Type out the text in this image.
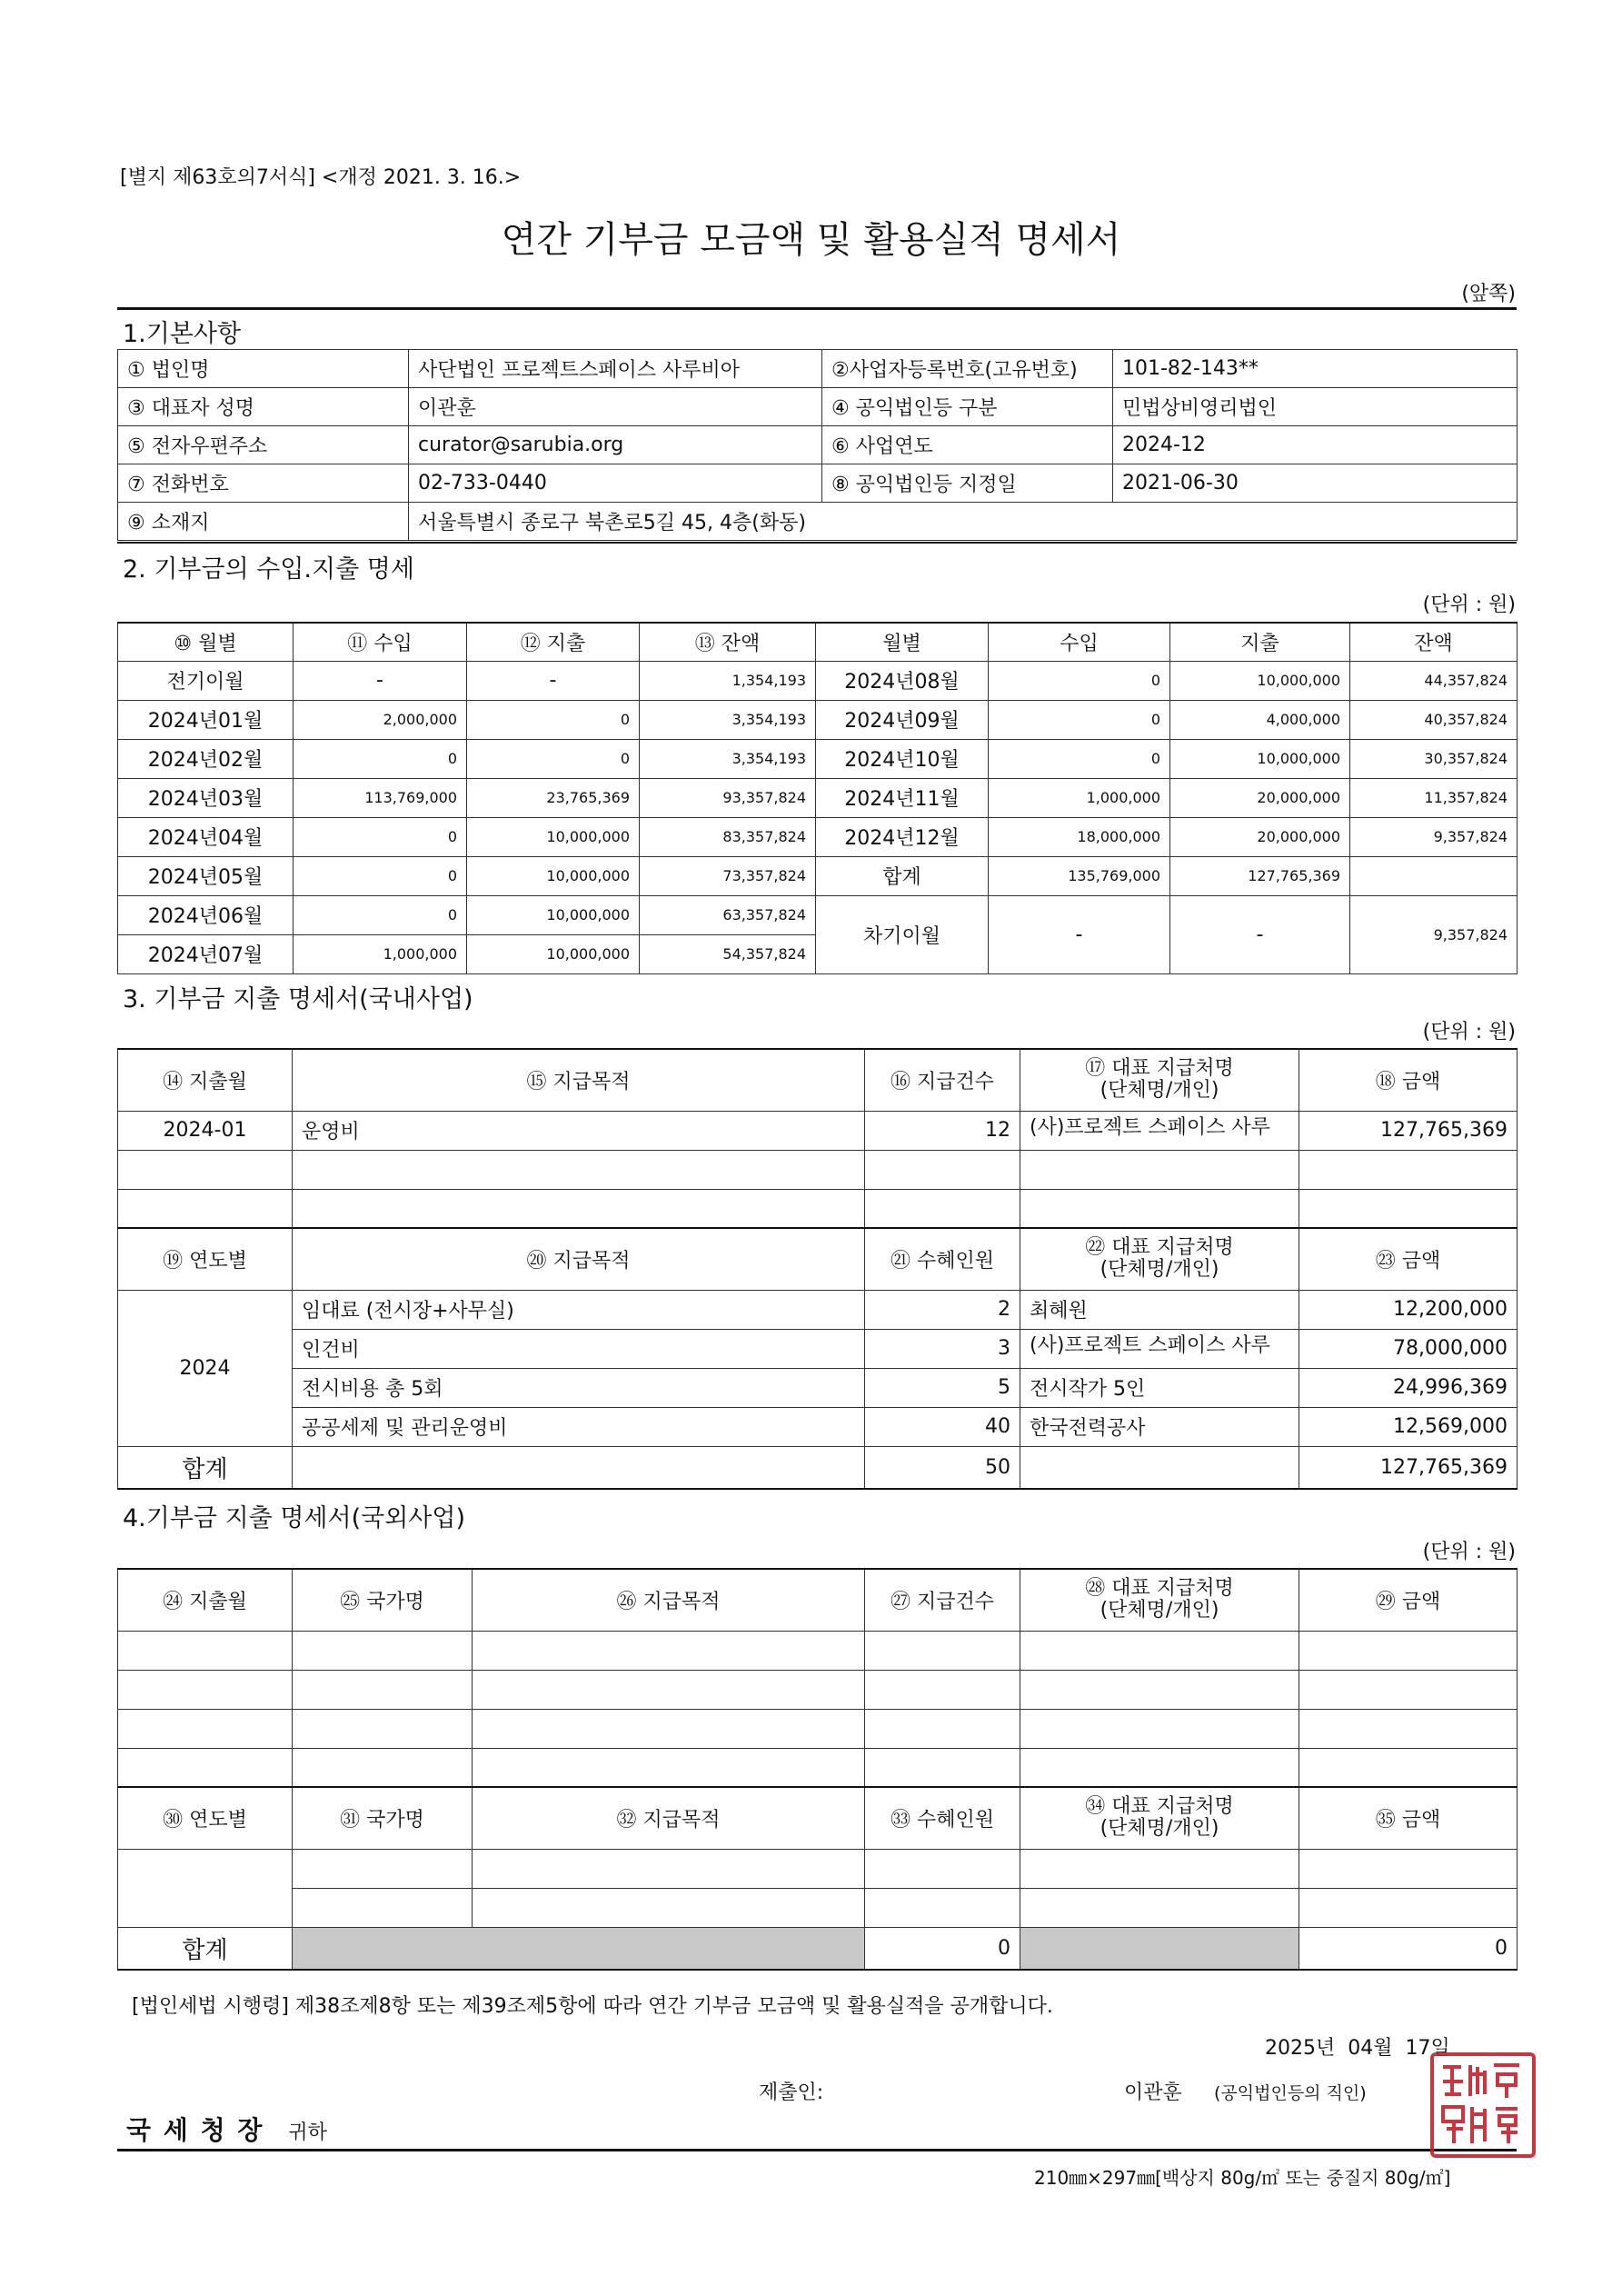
[별지 제63호의7서식] <개정 2021. 3. 16.>
연간 기부금 모금액 및 활용실적 명세서
(앞쪽)
1.기본사항
① 법인명	사단법인 프로젝트스페이스 사루비아	②사업자등록번호(고유번호)	101-82-143**
③ 대표자 성명	이관훈	④ 공익법인등 구분	민법상비영리법인
⑤ 전자우편주소	curator@sarubia.org	⑥ 사업연도	2024-12
⑦ 전화번호	02-733-0440	⑧ 공익법인등 지정일	2021-06-30
⑨ 소재지	서울특별시 종로구 북촌로5길 45, 4층(화동)		
2. 기부금의 수입.지출 명세
(단위 : 원)
⑩ 월별	⑪ 수입	⑫ 지출	⑬ 잔액	월별	수입	지출	잔액
전기이월	-	-	1,354,193	2024년08월	0	10,000,000	44,357,824
2024년01월	2,000,000	0	3,354,193	2024년09월	0	4,000,000	40,357,824
2024년02월	0	0	3,354,193	2024년10월	0	10,000,000	30,357,824
2024년03월	113,769,000	23,765,369	93,357,824	2024년11월	1,000,000	20,000,000	11,357,824
2024년04월	0	10,000,000	83,357,824	2024년12월	18,000,000	20,000,000	9,357,824
2024년05월	0	10,000,000	73,357,824	합계	135,769,000	127,765,369	
2024년06월	0	10,000,000	63,357,824	차기이월	-	-	9,357,824
2024년07월	1,000,000	10,000,000	54,357,824				
3. 기부금 지출 명세서(국내사업)
(단위 : 원)
⑭ 지출월	⑮ 지급목적	⑯ 지급건수	⑰ 대표 지급처명
(단체명/개인)	⑱ 금액
2024-01	운영비	12	(사)프로젝트 스페이스 사루	127,765,369

⑲ 연도별	⑳ 지급목적	㉑ 수혜인원	㉒ 대표 지급처명
(단체명/개인)	㉓ 금액
2024	임대료 (전시장+사무실)	2	최혜원	12,200,000
	인건비	3	(사)프로젝트 스페이스 사루	78,000,000
	전시비용 총 5회	5	전시작가 5인	24,996,369
	공공세제 및 관리운영비	40	한국전력공사	12,569,000
합계		50		127,765,369
4.기부금 지출 명세서(국외사업)
(단위 : 원)
㉔ 지출월	㉕ 국가명	㉖ 지급목적	㉗ 지급건수	㉘ 대표 지급처명
(단체명/개인)	㉙ 금액

㉚ 연도별	㉛ 국가명	㉜ 지급목적	㉝ 수혜인원	㉞ 대표 지급처명
(단체명/개인)	㉟ 금액

합계			0		0
[법인세법 시행령] 제38조제8항 또는 제39조제5항에 따라 연간 기부금 모금액 및 활용실적을 공개합니다.
2025년  04월  17일
제출인:	이관훈 (공익법인등의 직인)
국 세 청 장 귀하
210㎜×297㎜[백상지 80g/㎡ 또는 중질지 80g/㎡]
